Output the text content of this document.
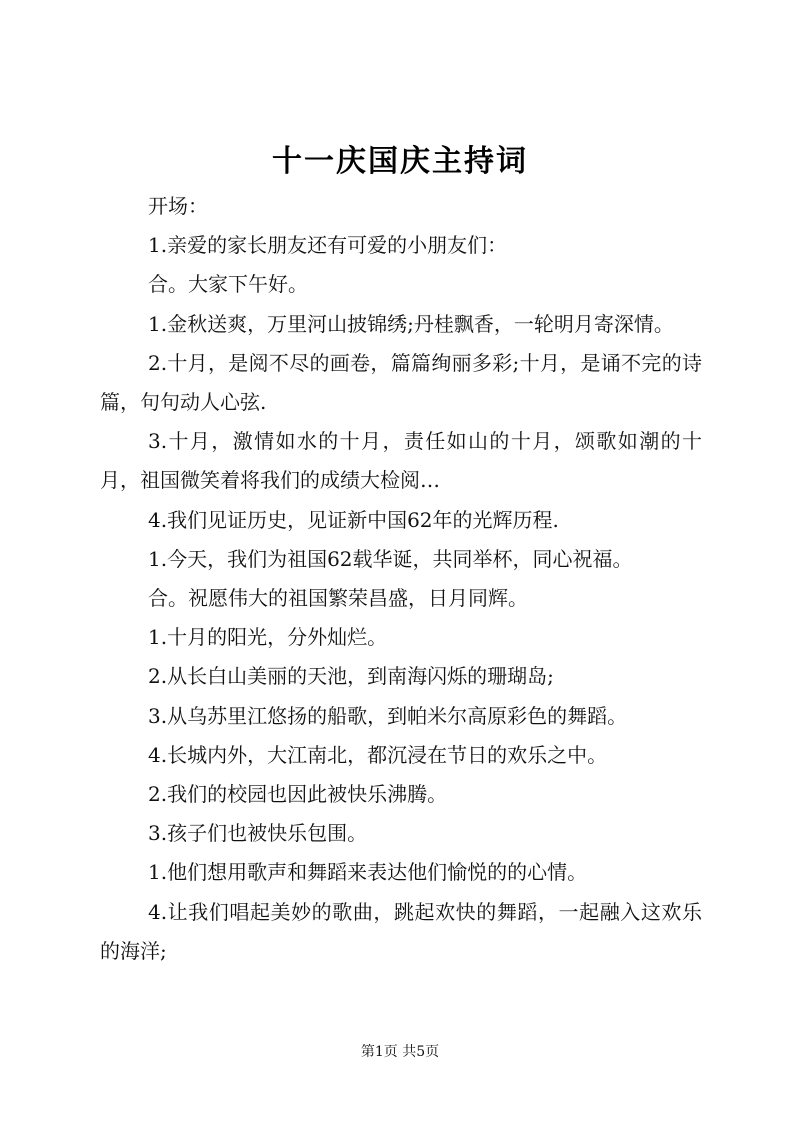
十一庆国庆主持词

开场：

1.亲爱的家长朋友还有可爱的小朋友们：

合。大家下午好。

1.金秋送爽，万里河山披锦绣;丹桂飘香，一轮明月寄深情。

2.十月，是阅不尽的画卷，篇篇绚丽多彩;十月，是诵不完的诗篇，句句动人心弦.

3.十月，激情如水的十月，责任如山的十月，颂歌如潮的十月，祖国微笑着将我们的成绩大检阅…

4.我们见证历史，见证新中国62年的光辉历程.

1.今天，我们为祖国62载华诞，共同举杯，同心祝福。

合。祝愿伟大的祖国繁荣昌盛，日月同辉。

1.十月的阳光，分外灿烂。

2.从长白山美丽的天池，到南海闪烁的珊瑚岛;

3.从乌苏里江悠扬的船歌，到帕米尔高原彩色的舞蹈。

4.长城内外，大江南北，都沉浸在节日的欢乐之中。

2.我们的校园也因此被快乐沸腾。

3.孩子们也被快乐包围。

1.他们想用歌声和舞蹈来表达他们愉悦的的心情。

4.让我们唱起美妙的歌曲，跳起欢快的舞蹈，一起融入这欢乐的海洋;

第1页 共5页
